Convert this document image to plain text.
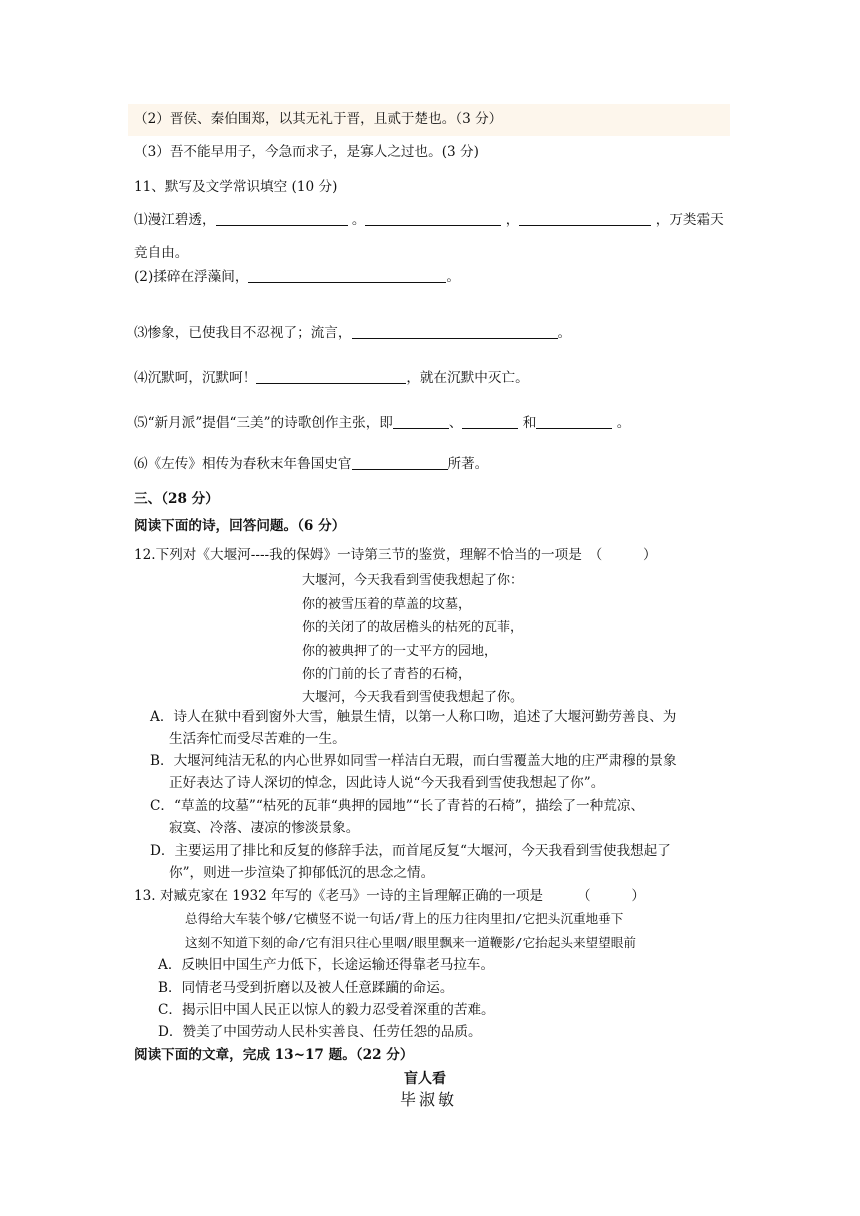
（2）晋侯、秦伯围郑，以其无礼于晋，且贰于楚也。（3 分）
（3）吾不能早用子，今急而求子，是寡人之过也。(3 分)
11、默写及文学常识填空 (10 分)
⑴漫江碧透，	。	，	，万类霜天
竞自由。
(2)揉碎在浮藻间，	。
⑶惨象，已使我目不忍视了；流言，	。
⑷沉默呵，沉默呵！	，就在沉默中灭亡。
⑸“新月派”提倡“三美”的诗歌创作主张，即	、	和	。
⑹《左传》相传为春秋末年鲁国史官	所著。
三、（28 分）
阅读下面的诗，回答问题。（6 分）
12.下列对《大堰河----我的保姆》一诗第三节的鉴赏，理解不恰当的一项是　（　　　）
大堰河，今天我看到雪使我想起了你：
你的被雪压着的草盖的坟墓，
你的关闭了的故居檐头的枯死的瓦菲，
你的被典押了的一丈平方的园地，
你的门前的长了青苔的石椅，
大堰河，今天我看到雪使我想起了你。
A．诗人在狱中看到窗外大雪，触景生情，以第一人称口吻，追述了大堰河勤劳善良、为
生活奔忙而受尽苦难的一生。
B．大堰河纯洁无私的内心世界如同雪一样洁白无瑕，而白雪覆盖大地的庄严肃穆的景象
正好表达了诗人深切的悼念，因此诗人说“今天我看到雪使我想起了你”。
C．“草盖的坟墓”“枯死的瓦菲“典押的园地”“长了青苔的石椅”，描绘了一种荒凉、
寂寞、冷落、凄凉的惨淡景象。
D．主要运用了排比和反复的修辞手法，而首尾反复“大堰河，今天我看到雪使我想起了
你”，则进一步渲染了抑郁低沉的思念之情。
13. 对臧克家在 1932 年写的《老马》一诗的主旨理解正确的一项是　　　（　　　）
总得给大车装个够/它横竖不说一句话/背上的压力往肉里扣/它把头沉重地垂下
这刻不知道下刻的命/它有泪只往心里咽/眼里飘来一道鞭影/它抬起头来望望眼前
A．反映旧中国生产力低下，长途运输还得靠老马拉车。
B．同情老马受到折磨以及被人任意蹂躏的命运。
C．揭示旧中国人民正以惊人的毅力忍受着深重的苦难。
D．赞美了中国劳动人民朴实善良、任劳任怨的品质。
阅读下面的文章，完成 13~17 题。（22 分）
盲人看
毕淑敏
